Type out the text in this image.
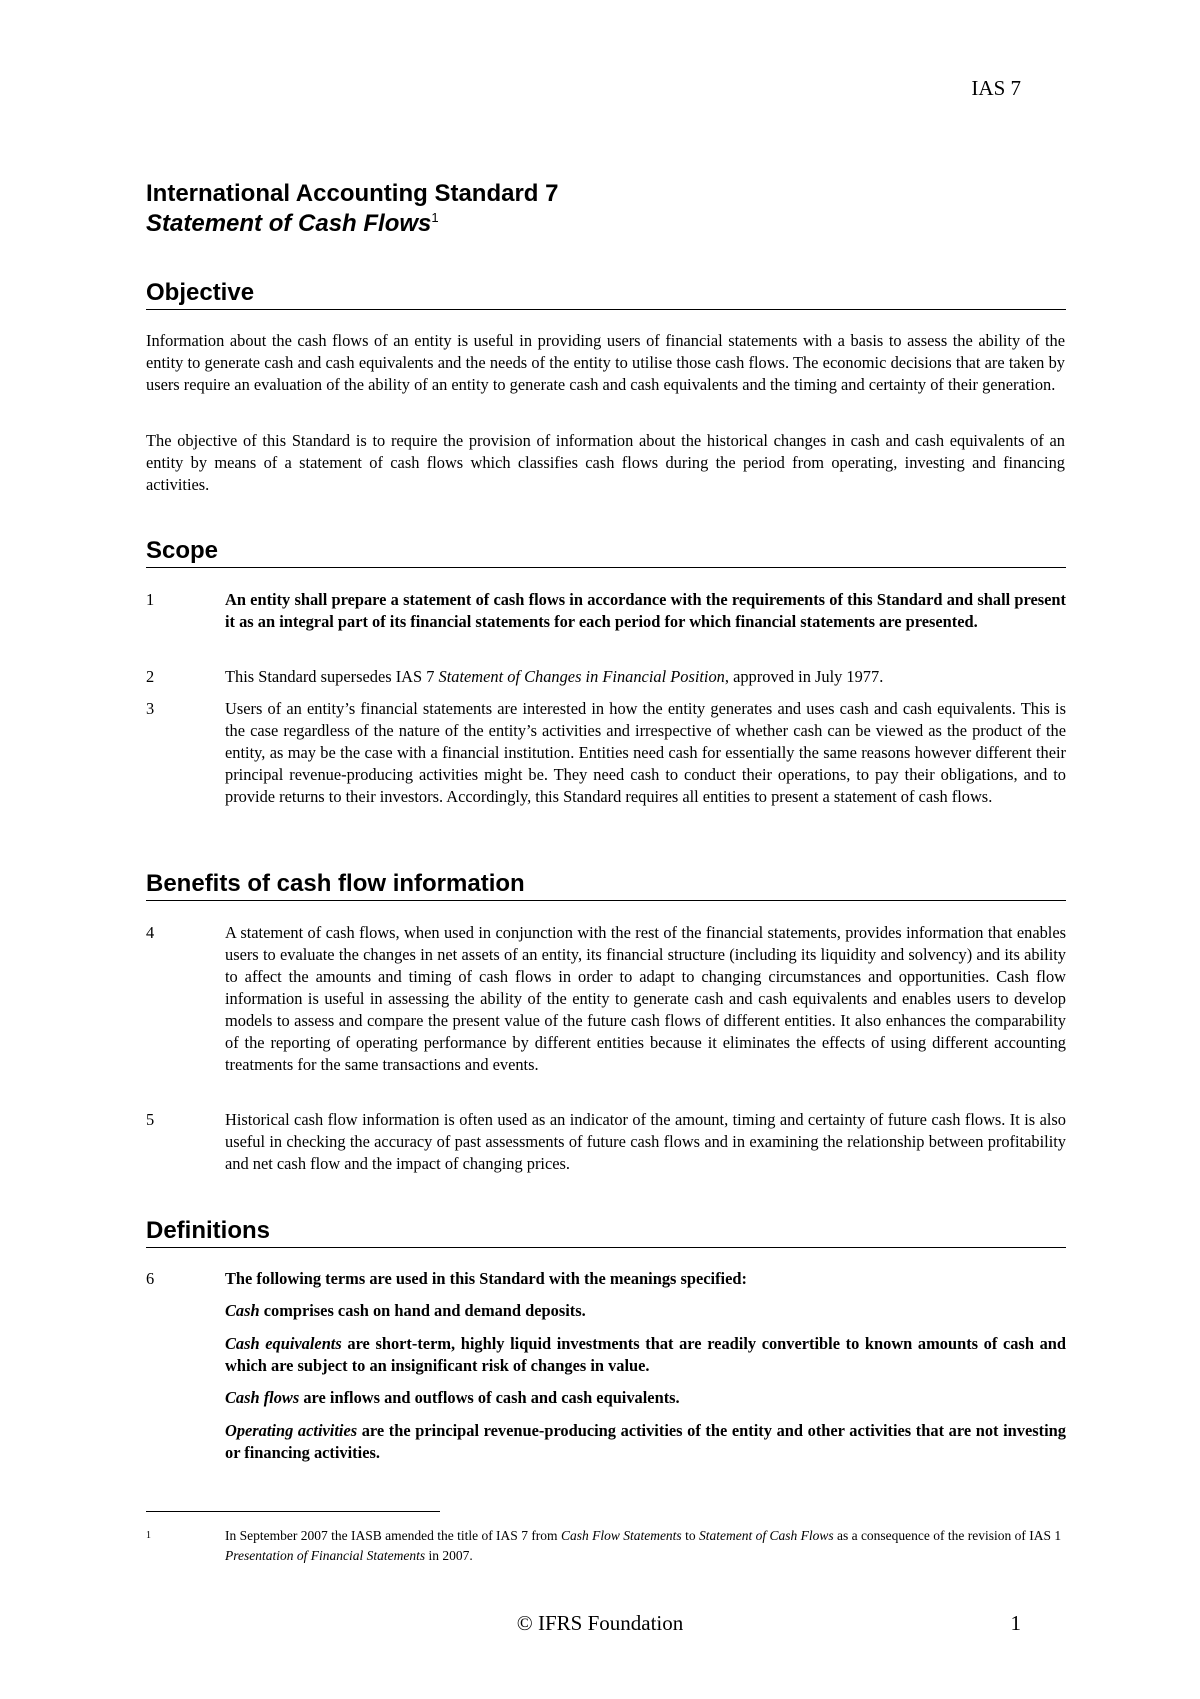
IAS 7
International Accounting Standard 7
Statement of Cash Flows$^1$
Objective

Information about the cash flows of an entity is useful in providing users of financial statements with a basis to assess the ability of the entity to generate cash and cash equivalents and the needs of the entity to utilise those cash flows. The economic decisions that are taken by users require an evaluation of the ability of an entity to generate cash and cash equivalents and the timing and certainty of their generation.

The objective of this Standard is to require the provision of information about the historical changes in cash and cash equivalents of an entity by means of a statement of cash flows which classifies cash flows during the period from operating, investing and financing activities.

Scope
1	An entity shall prepare a statement of cash flows in accordance with the requirements of this Standard and shall present it as an integral part of its financial statements for each period for which financial statements are presented.
2	This Standard supersedes IAS 7 Statement of Changes in Financial Position, approved in July 1977.
3	Users of an entity’s financial statements are interested in how the entity generates and uses cash and cash equivalents. This is the case regardless of the nature of the entity’s activities and irrespective of whether cash can be viewed as the product of the entity, as may be the case with a financial institution. Entities need cash for essentially the same reasons however different their principal revenue-producing activities might be. They need cash to conduct their operations, to pay their obligations, and to provide returns to their investors. Accordingly, this Standard requires all entities to present a statement of cash flows.
Benefits of cash flow information
4	A statement of cash flows, when used in conjunction with the rest of the financial statements, provides information that enables users to evaluate the changes in net assets of an entity, its financial structure (including its liquidity and solvency) and its ability to affect the amounts and timing of cash flows in order to adapt to changing circumstances and opportunities. Cash flow information is useful in assessing the ability of the entity to generate cash and cash equivalents and enables users to develop models to assess and compare the present value of the future cash flows of different entities. It also enhances the comparability of the reporting of operating performance by different entities because it eliminates the effects of using different accounting treatments for the same transactions and events.
5	Historical cash flow information is often used as an indicator of the amount, timing and certainty of future cash flows. It is also useful in checking the accuracy of past assessments of future cash flows and in examining the relationship between profitability and net cash flow and the impact of changing prices.
Definitions
6	The following terms are used in this Standard with the meanings specified:
Cash comprises cash on hand and demand deposits.
Cash equivalents are short-term, highly liquid investments that are readily convertible to known amounts of cash and which are subject to an insignificant risk of changes in value.
Cash flows are inflows and outflows of cash and cash equivalents.
Operating activities are the principal revenue-producing activities of the entity and other activities that are not investing or financing activities.
1	In September 2007 the IASB amended the title of IAS 7 from Cash Flow Statements to Statement of Cash Flows as a consequence of the revision of IAS 1 Presentation of Financial Statements in 2007.
© IFRS Foundation	1
